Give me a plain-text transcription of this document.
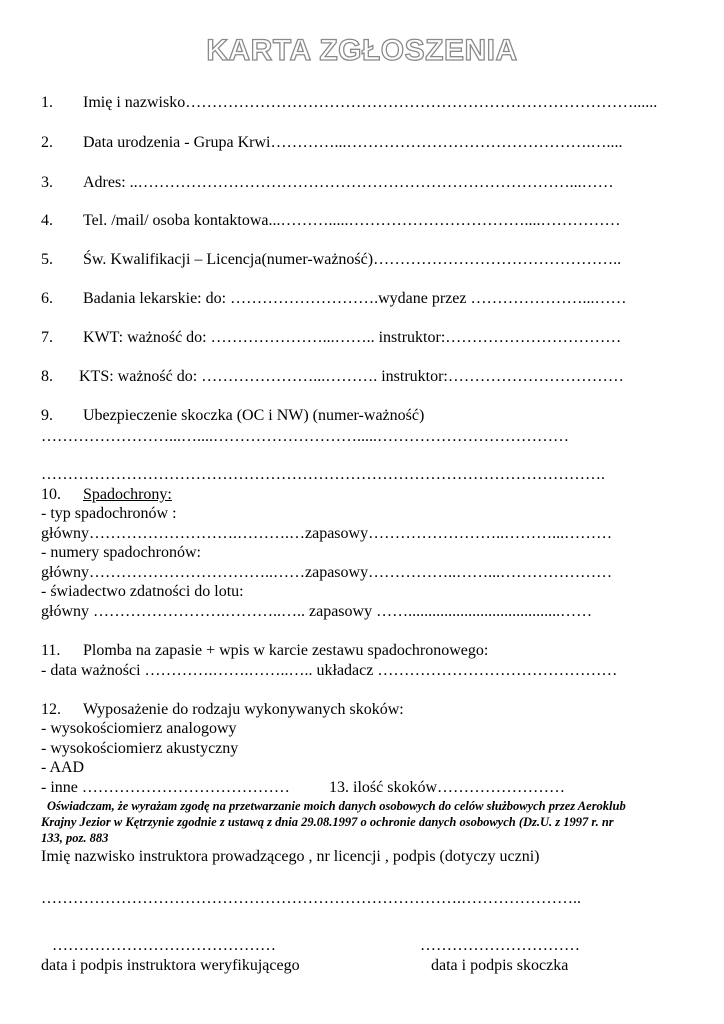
KARTA ZGŁOSZENIA
1. Imię i nazwisko…………………………………………………………………………......
2. Data urodzenia - Grupa Krwi…………...……………………………………….…....
3. Adres: ..………………………………………………………………………...……
4. Tel. /mail/ osoba kontaktowa...……….....……………………………....……………
5. Św. Kwalifikacji – Licencja(numer-ważność)………………………………………..
6. Badania lekarskie: do: ……………………….wydane przez …………………...……
7. KWT: ważność do: …………………...…….. instruktor:……………………………
8. KTS: ważność do: …………………...………. instruktor:……………………………
9. Ubezpieczenie skoczka (OC i NW) (numer-ważność)
……………………...…....……………………….....………………………………
…………………………………………………………………………………………….
10. Spadochrony:
- typ spadochronów :
główny……………………….……….…zapasowy……………………..………...………
- numery spadochronów:
główny……………………………..……zapasowy……………..……...…………………
- świadectwo zdatności do lotu:
główny …………………….………..….. zapasowy ……......................................……
11. Plomba na zapasie + wpis w karcie zestawu spadochronowego:
- data ważności ………….…….……..….. układacz ………………………………………
12. Wyposażenie do rodzaju wykonywanych skoków:
- wysokościomierz analogowy
- wysokościomierz akustyczny
- AAD
- inne ………………………………… 13. ilość skoków……………………
Oświadczam, że wyrażam zgodę na przetwarzanie moich danych osobowych do celów służbowych przez Aeroklub
Krajny Jezior w Kętrzynie zgodnie z ustawą z dnia 29.08.1997 o ochronie danych osobowych (Dz.U. z 1997 r. nr
133, poz. 883
Imię nazwisko instruktora prowadzącego , nr licencji , podpis (dotyczy uczni)
…………………………………………………………………….…………………..
……………………………………	…………………………
data i podpis instruktora weryfikującego	data i podpis skoczka
